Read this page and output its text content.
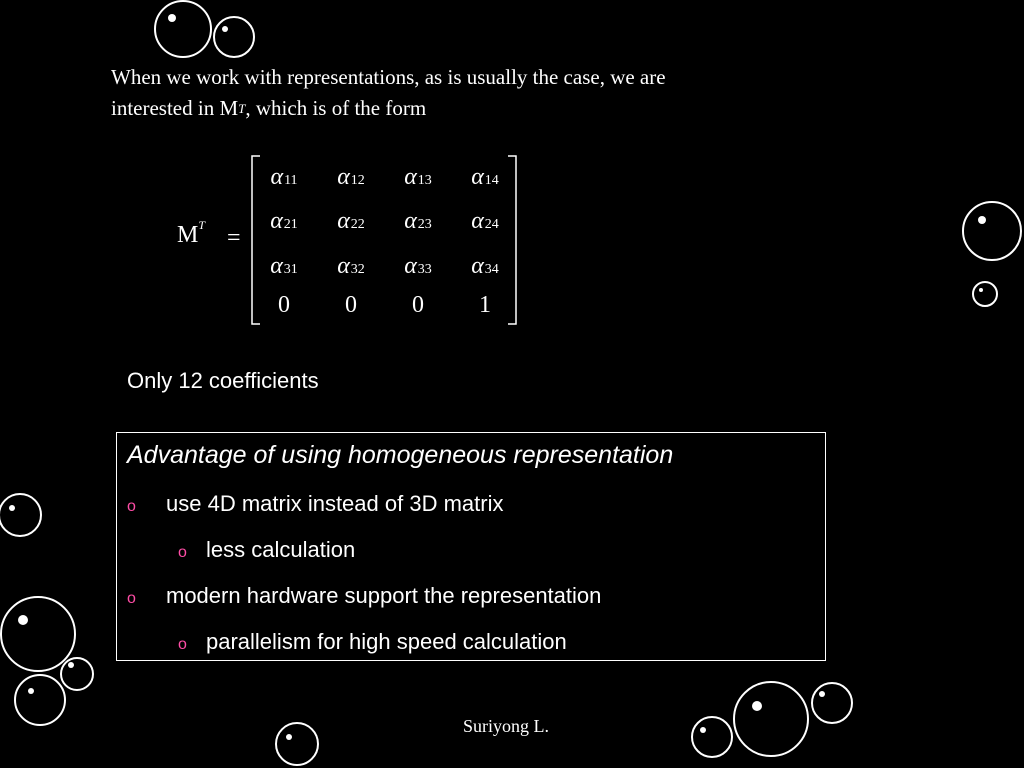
When we work with representations, as is usually the case, we are
interested in $M^T$, which is of the form
$M^T$ =
α11	α12	α13	α14
α21	α22	α23	α24
α31	α32	α33	α34
0	0	0	1
Only 12 coefficients
Advantage of using homogeneous representation
o use 4D matrix instead of 3D matrix
o less calculation
o modern hardware support the representation
o parallelism for high speed calculation
Suriyong L.
